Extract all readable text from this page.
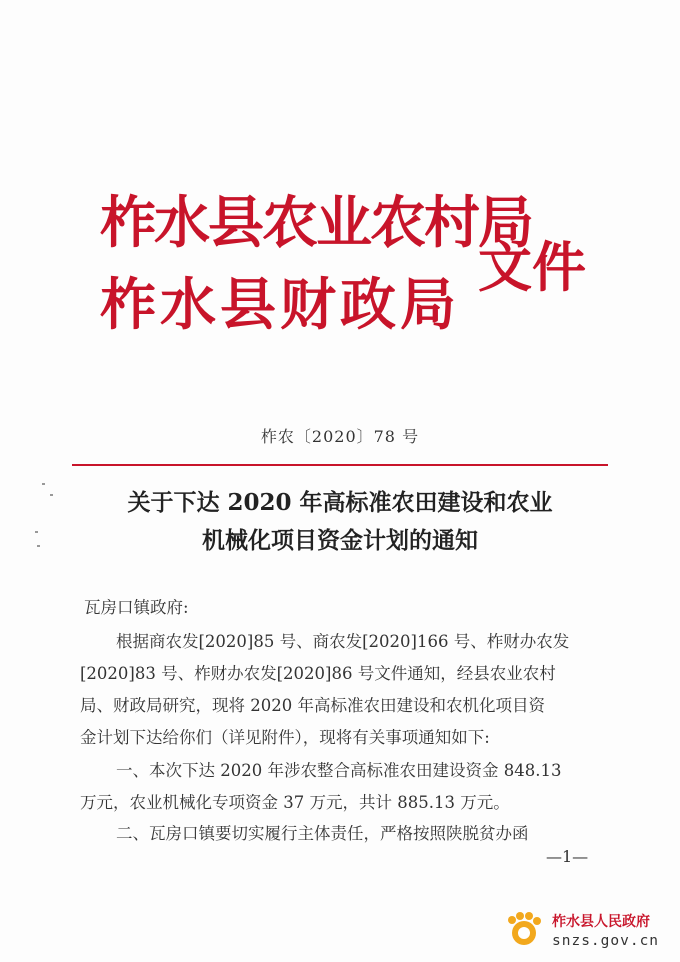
柞水县农业农村局
柞水县财政局
文件
柞农〔2020〕78 号
关于下达 2020 年高标准农田建设和农业
机械化项目资金计划的通知
瓦房口镇政府:
根据商农发[2020]85 号、商农发[2020]166 号、柞财办农发
[2020]83 号、柞财办农发[2020]86 号文件通知，经县农业农村
局、财政局研究，现将 2020 年高标准农田建设和农机化项目资
金计划下达给你们（详见附件），现将有关事项通知如下:
一、本次下达 2020 年涉农整合高标准农田建设资金 848.13
万元，农业机械化专项资金 37 万元，共计 885.13 万元。
二、瓦房口镇要切实履行主体责任，严格按照陕脱贫办函
—1—
柞水县人民政府
snzs.gov.cn
